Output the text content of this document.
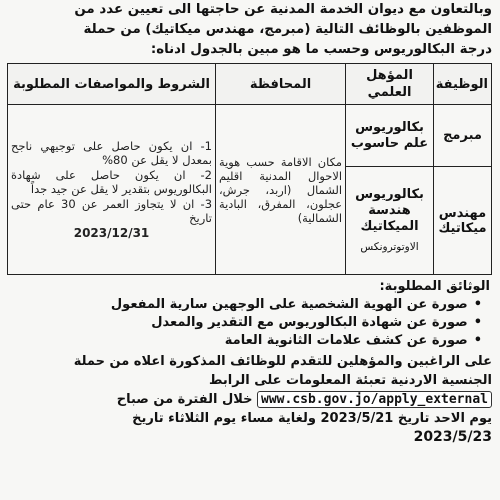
وبالتعاون مع ديوان الخدمة المدنية عن حاجتها الى تعيين عدد من
الموظفين بالوظائف التالية (مبرمج، مهندس ميكاتيك) من حملة
درجة البكالوريوس وحسب ما هو مبين بالجدول ادناه:
الوظيفة	المؤهل العلمي	المحافظة	الشروط والمواصفات المطلوبة
مبرمج	بكالوريوس علم حاسوب	مكان الاقامة حسب هوية الاحوال المدنية اقليم الشمال (اربد، جرش، عجلون، المفرق، البادية الشمالية)	1- ان يكون حاصل على توجيهي ناجح بمعدل لا يقل عن 80%
2- ان يكون حاصل على شهادة البكالوريوس بتقدير لا يقل عن جيد جداً
3- ان لا يتجاوز العمر عن 30 عام حتى تاريخ
2023/12/31

مهندس ميكاتيك	بكالوريوس هندسة الميكاتيك
الاوتوترونكس		
الوثائق المطلوبة:
•صورة عن الهوية الشخصية على الوجهين سارية المفعول
•صورة عن شهادة البكالوريوس مع التقدير والمعدل
•صورة عن كشف علامات الثانوية العامة
على الراغبين والمؤهلين للتقدم للوظائف المذكورة اعلاه من حملة
الجنسية الاردنية تعبئة المعلومات على الرابط
www.csb.gov.jo/apply_external خلال الفترة من صباح
يوم الاحد تاريخ 2023/5/21 ولغاية مساء يوم الثلاثاء تاريخ
2023/5/23
